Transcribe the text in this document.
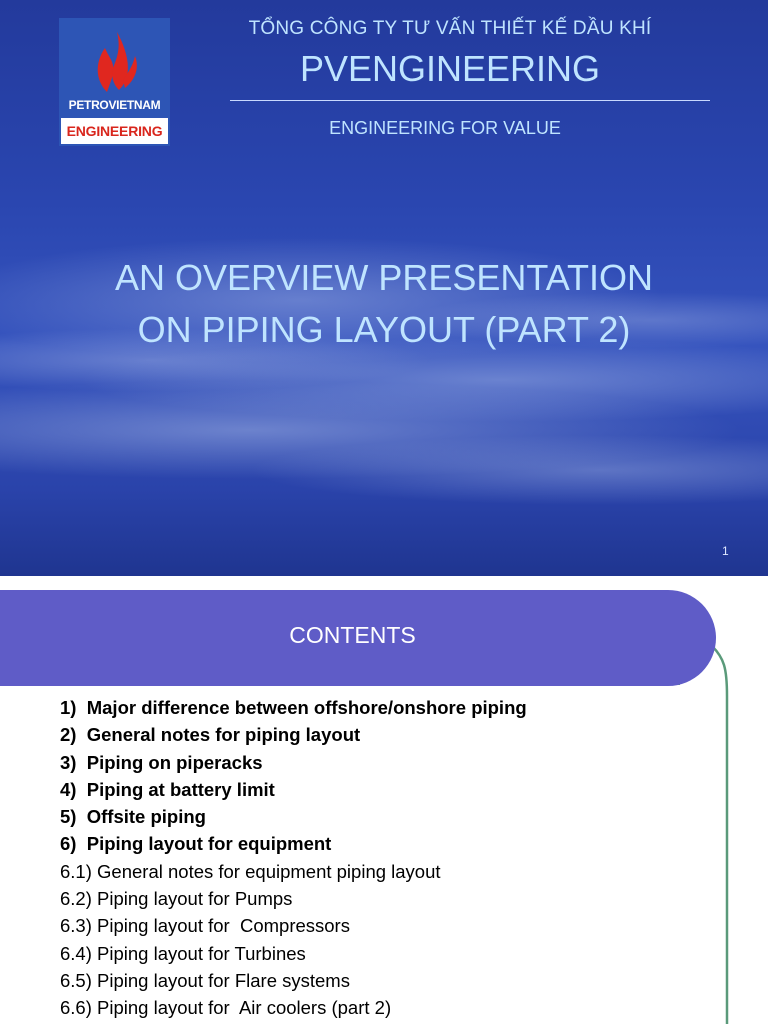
PETROVIETNAM
ENGINEERING
TỔNG CÔNG TY TƯ VẤN THIẾT KẾ DẦU KHÍ
PVENGINEERING
ENGINEERING FOR VALUE
AN OVERVIEW PRESENTATION
ON PIPING LAYOUT (PART 2)
1
CONTENTS
1) Major difference between offshore/onshore piping
2) General notes for piping layout
3) Piping on piperacks
4) Piping at battery limit
5) Offsite piping
6) Piping layout for equipment
6.1) General notes for equipment piping layout
6.2) Piping layout for Pumps
6.3) Piping layout for  Compressors
6.4) Piping layout for Turbines
6.5) Piping layout for Flare systems
6.6) Piping layout for  Air coolers (part 2)
